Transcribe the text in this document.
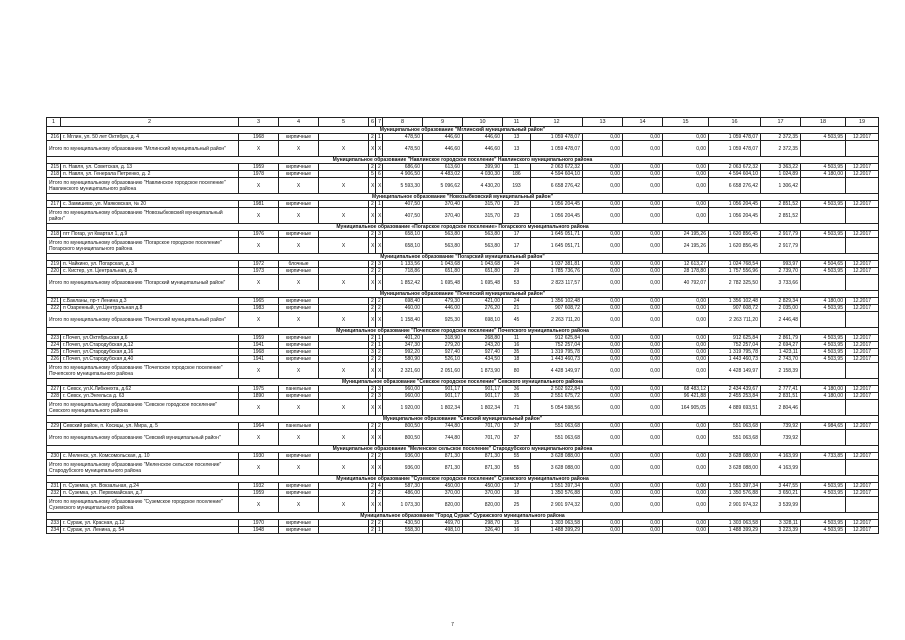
1	2	3	4	5	6	7	8	9	10	11	12	13	14	15	16	17	18	19
Муниципальное образование "Мглинский муниципальный район"																		
216	г. Мглин, ул. 50 лет Октября, д. 4	1968	кирпичные		2	1	478,50	446,60	446,60	13	1 059 478,07	0,00	0,00	0,00	1 059 478,07	2 372,35	4 503,95	12.2017
Итого по муниципальному образованию "Мглинский муниципальный район"		X	X	X	X	X	478,50	446,60	446,60	13	1 059 478,07	0,00	0,00	0,00	1 059 478,07	2 372,35		
Муниципальное образование "Навлинское городское поселение" Навлинского муниципального района																		
215	п. Навля, ул. Советская, д. 13	1959	кирпичные		2	2	686,60	613,60	399,90	11	2 063 672,32	0,00	0,00	0,00	2 063 672,32	3 363,22	4 503,95	12.2017
218	п. Навля, ул. Генерала Петренко, д. 2	1978	кирпичные		5	6	4 906,50	4 483,02	4 030,30	186	4 594 604,10	0,00	0,00	0,00	4 594 604,10	1 024,89	4 180,00	12.2017
Итого по муниципальному образованию "Навлинское городское поселение" Навлинского муниципального района		X	X	X	X	X	5 593,30	5 096,62	4 430,20	193	6 658 276,42	0,00	0,00	0,00	6 658 276,42	1 306,42		
Муниципальное образование "Новозыбковский муниципальный район"																		
217	с. Замишево, ул. Маяковская, № 20	1981	кирпичные		2	1	407,50	370,40	315,70	23	1 056 204,45	0,00	0,00	0,00	1 056 204,45	2 851,52	4 503,95	12.2017
Итого по муниципальному образованию "Новозыбковский муниципальный район"		X	X	X	X	X	407,50	370,40	315,70	23	1 056 204,45	0,00	0,00	0,00	1 056 204,45	2 851,52		
Муниципальное образование «Погарское городское поселение» Погарского муниципального района																		
218	пгт Погар, ул Квартал 1, д.9	1976	кирпичные		2	3	658,10	563,80	563,80	17	1 645 051,71	0,00	0,00	24 195,26	1 620 856,45	2 917,79	4 503,95	12.2017
Итого по муниципальному образованию "Погарское городское поселение" Погарского муниципального района		X	X	X	X	X	658,10	563,80	563,80	17	1 645 051,71	0,00	0,00	24 195,26	1 620 856,45	2 917,79		
Муниципальное образование "Погарский муниципальный район"																		
219	п. Чайкино, ул. Погарская, д. 3	1972	блочные		2	3	1 133,56	1 043,68	1 043,68	24	1 037 381,81	0,00	0,00	12 613,27	1 024 768,54	993,97	4 504,65	12.2017
220	с. Кистер, ул. Центральная, д. 8	1973	кирпичные		2	2	718,86	651,80	651,80	29	1 785 736,76	0,00	0,00	28 178,80	1 757 556,96	2 739,70	4 503,95	12.2017
Итого по муниципальному образованию "Погарский муниципальный район"		X	X	X	X	X	1 852,42	1 695,48	1 695,48	53	2 823 117,57	0,00	0,00	40 792,07	2 782 325,50	3 733,66		
Муниципальное образование "Почепский муниципальный район"																		
221	с.Бакланы, пр-т Ленина д.3	1965	кирпичные		2	2	698,40	479,30	421,00	24	1 356 102,48	0,00	0,00	0,00	1 356 102,48	2 829,34	4 180,00	12.2017
222	п Озаренный, ул.Центральная д.8	1983	кирпичные		2	2	460,00	446,00	276,20	21	907 608,72	0,00	0,00	0,00	907 608,72	2 035,00	4 503,95	12.2017
Итого по муниципальному образованию "Почепский муниципальный район"		X	X	X	X	X	1 158,40	925,30	698,10	45	2 263 711,20	0,00	0,00	0,00	2 263 711,20	2 446,48		
Муниципальное образование "Почепское городское поселение" Почепского муниципального района																		
223	г.Почеп, ул.Октябрьская д.6	1959	кирпичные		2	1	401,20	318,90	268,80	11	912 625,84	0,00	0,00	0,00	912 625,84	2 861,79	4 503,95	12.2017
224	г.Почеп, ул.Стародубская д.12	1941	кирпичные		2	1	347,30	279,20	243,20	16	752 257,04	0,00	0,00	0,00	752 257,04	2 694,27	4 503,95	12.2017
225	г.Почеп, ул.Стародубская д.16	1968	кирпичные		3	2	992,20	927,40	927,40	35	1 319 795,78	0,00	0,00	0,00	1 319 795,78	1 423,11	4 503,95	12.2017
226	г.Почеп, ул.Стародубская д.40	1941	кирпичные		2	2	580,90	526,10	434,50	18	1 443 460,73	0,00	0,00	0,00	1 443 460,73	2 743,70	4 503,95	12.2017
Итого по муниципальному образованию "Почепское городское поселение" Почепского муниципального района		X	X	X	X	X	2 321,60	2 051,60	1 873,90	80	4 428 149,97	0,00	0,00	0,00	4 428 149,97	2 158,39		
Муниципальное образование "Севское городское поселение" Севского муниципального района																		
227	г. Севск, ул.К.Либкнехта, д.62	1975	панельные		2	3	960,00	901,17	901,17	36	2 502 922,84	0,00	0,00	68 483,12	2 434 439,67	2 777,41	4 180,00	12.2017
228	г. Севск, ул.Энгельса д. 63	1890	кирпичные		2	3	960,00	901,17	901,17	35	2 551 675,72	0,00	0,00	96 421,88	2 455 253,84	2 831,51	4 180,00	12.2017
Итого по муниципальному образованию "Севское городское поселение" Севского муниципального района		X	X	X	X	X	1 920,00	1 802,34	1 802,34	71	5 054 598,56	0,00	0,00	164 905,05	4 889 693,51	2 804,46		
Муниципальное образование "Севский муниципальный район"																		
229	Севский район, п. Косицы, ул. Мира, д. 5	1964	панельные		2	2	800,50	744,80	701,70	37	551 063,68	0,00	0,00	0,00	551 063,68	739,92	4 984,65	12.2017
Итого по муниципальному образованию "Севский муниципальный район"		X	X	X	X	X	800,50	744,80	701,70	37	551 063,68	0,00	0,00	0,00	551 063,68	739,92		
Муниципальное образование "Меленское сельское поселение" Стародубского муниципального района																		
230	с. Меленск, ул. Комсомольская, д. 10	1930	кирпичные		2	2	936,00	871,30	871,30	55	3 628 088,00	0,00	0,00	0,00	3 628 088,00	4 163,99	4 733,85	12.2017
Итого по муниципальному образованию "Меленское сельское поселение" Стародубского муниципального района		X	X	X	X	X	936,00	871,30	871,30	55	3 628 088,00	0,00	0,00	0,00	3 628 088,00	4 163,99		
Муниципальное образование "Суземское городское поселение" Суземского муниципального района																		
231	п. Суземка, ул. Вокзальная, д.24	1932	кирпичные		2	4	587,30	450,00	450,00	17	1 551 397,34	0,00	0,00	0,00	1 551 397,34	3 447,55	4 503,95	12.2017
232	п. Суземка, ул. Первомайская, д.7	1959	кирпичные		2	2	486,00	370,00	370,00	18	1 350 576,88	0,00	0,00	0,00	1 350 576,88	3 650,21	4 503,95	12.2017
Итого по муниципальному образованию "Суземское городское поселение" Суземского муниципального района		X	X	X	X	X	1 073,30	820,00	820,00	25	2 901 974,32	0,00	0,00	0,00	2 901 974,32	3 539,99		
Муниципальное образование "Город Сураж" Суражского муниципального района																		
233	г. Сураж, ул. Красная, д.12	1970	кирпичные		2	2	430,50	469,70	298,70	15	1 303 063,58	0,00	0,00	0,00	1 303 063,58	3 328,11	4 503,95	12.2017
234	г. Сураж, ул. Ленина, д. 54	1948	кирпичные		2	1	558,30	498,10	326,40	16	1 488 399,29	0,00	0,00	0,00	1 488 399,29	3 223,39	4 503,95	12.2017
7
